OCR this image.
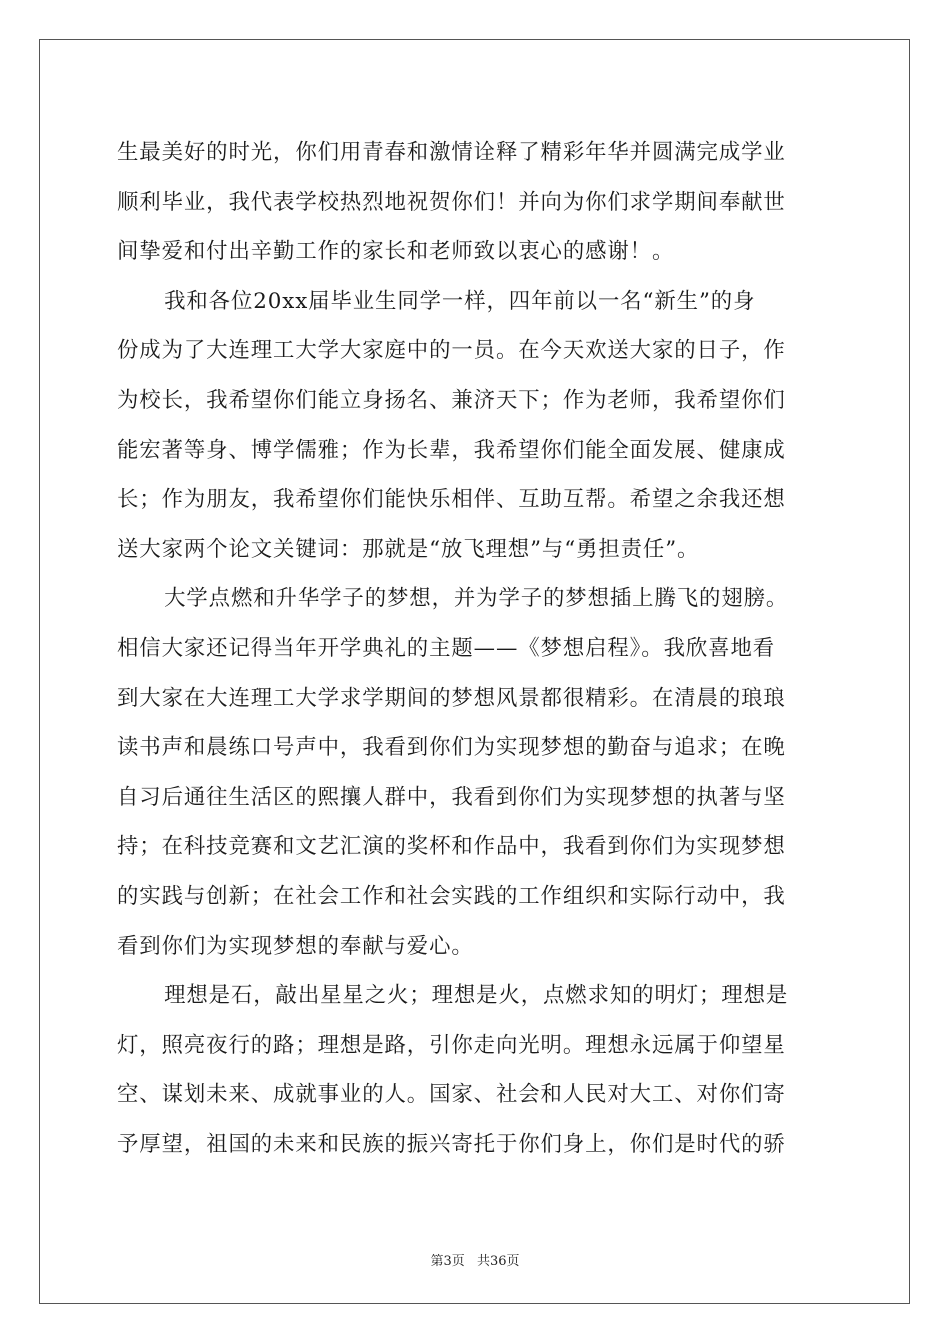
生最美好的时光，你们用青春和激情诠释了精彩年华并圆满完成学业

顺利毕业，我代表学校热烈地祝贺你们！并向为你们求学期间奉献世

间挚爱和付出辛勤工作的家长和老师致以衷心的感谢！。

我和各位20xx届毕业生同学一样，四年前以一名“新生”的身

份成为了大连理工大学大家庭中的一员。在今天欢送大家的日子，作

为校长，我希望你们能立身扬名、兼济天下；作为老师，我希望你们

能宏著等身、博学儒雅；作为长辈，我希望你们能全面发展、健康成

长；作为朋友，我希望你们能快乐相伴、互助互帮。希望之余我还想

送大家两个论文关键词：那就是“放飞理想”与“勇担责任”。

大学点燃和升华学子的梦想，并为学子的梦想插上腾飞的翅膀。

相信大家还记得当年开学典礼的主题——《梦想启程》。我欣喜地看

到大家在大连理工大学求学期间的梦想风景都很精彩。在清晨的琅琅

读书声和晨练口号声中，我看到你们为实现梦想的勤奋与追求；在晚

自习后通往生活区的熙攘人群中，我看到你们为实现梦想的执著与坚

持；在科技竞赛和文艺汇演的奖杯和作品中，我看到你们为实现梦想

的实践与创新；在社会工作和社会实践的工作组织和实际行动中，我

看到你们为实现梦想的奉献与爱心。

理想是石，敲出星星之火；理想是火，点燃求知的明灯；理想是

灯，照亮夜行的路；理想是路，引你走向光明。理想永远属于仰望星

空、谋划未来、成就事业的人。国家、社会和人民对大工、对你们寄

予厚望，祖国的未来和民族的振兴寄托于你们身上，你们是时代的骄

第3页 共36页
